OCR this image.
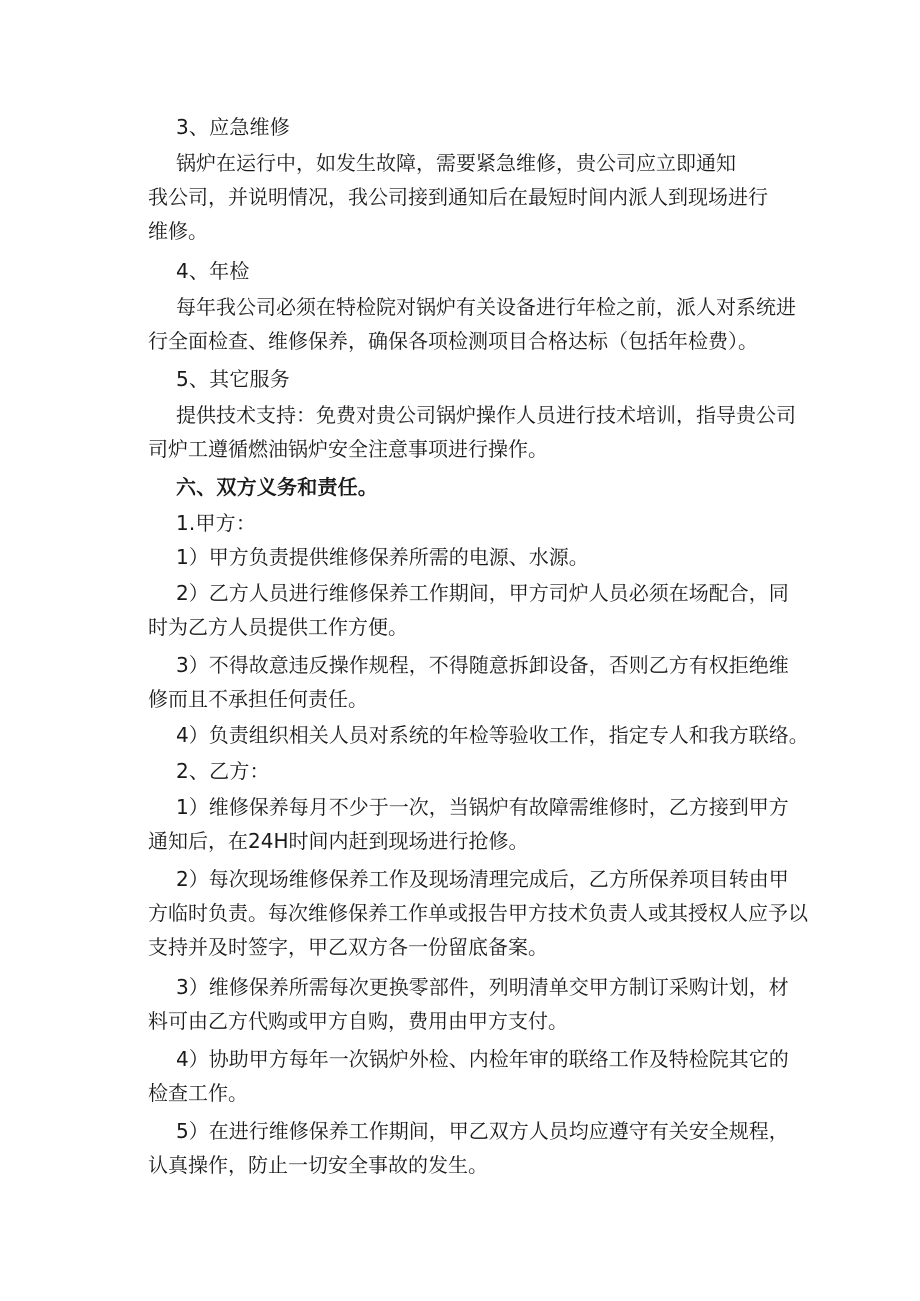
3、应急维修
锅炉在运行中，如发生故障，需要紧急维修，贵公司应立即通知
我公司，并说明情况，我公司接到通知后在最短时间内派人到现场进行
维修。
4、年检
每年我公司必须在特检院对锅炉有关设备进行年检之前，派人对系统进
行全面检查、维修保养，确保各项检测项目合格达标（包括年检费）。
5、其它服务
提供技术支持：免费对贵公司锅炉操作人员进行技术培训，指导贵公司
司炉工遵循燃油锅炉安全注意事项进行操作。
六、双方义务和责任。
1.甲方：
1）甲方负责提供维修保养所需的电源、水源。
2）乙方人员进行维修保养工作期间，甲方司炉人员必须在场配合，同
时为乙方人员提供工作方便。
3）不得故意违反操作规程，不得随意拆卸设备，否则乙方有权拒绝维
修而且不承担任何责任。
4）负责组织相关人员对系统的年检等验收工作，指定专人和我方联络。
2、乙方：
1）维修保养每月不少于一次，当锅炉有故障需维修时，乙方接到甲方
通知后，在24H时间内赶到现场进行抢修。
2）每次现场维修保养工作及现场清理完成后，乙方所保养项目转由甲
方临时负责。每次维修保养工作单或报告甲方技术负责人或其授权人应予以
支持并及时签字，甲乙双方各一份留底备案。
3）维修保养所需每次更换零部件，列明清单交甲方制订采购计划，材
料可由乙方代购或甲方自购，费用由甲方支付。
4）协助甲方每年一次锅炉外检、内检年审的联络工作及特检院其它的
检查工作。
5）在进行维修保养工作期间，甲乙双方人员均应遵守有关安全规程，
认真操作，防止一切安全事故的发生。
